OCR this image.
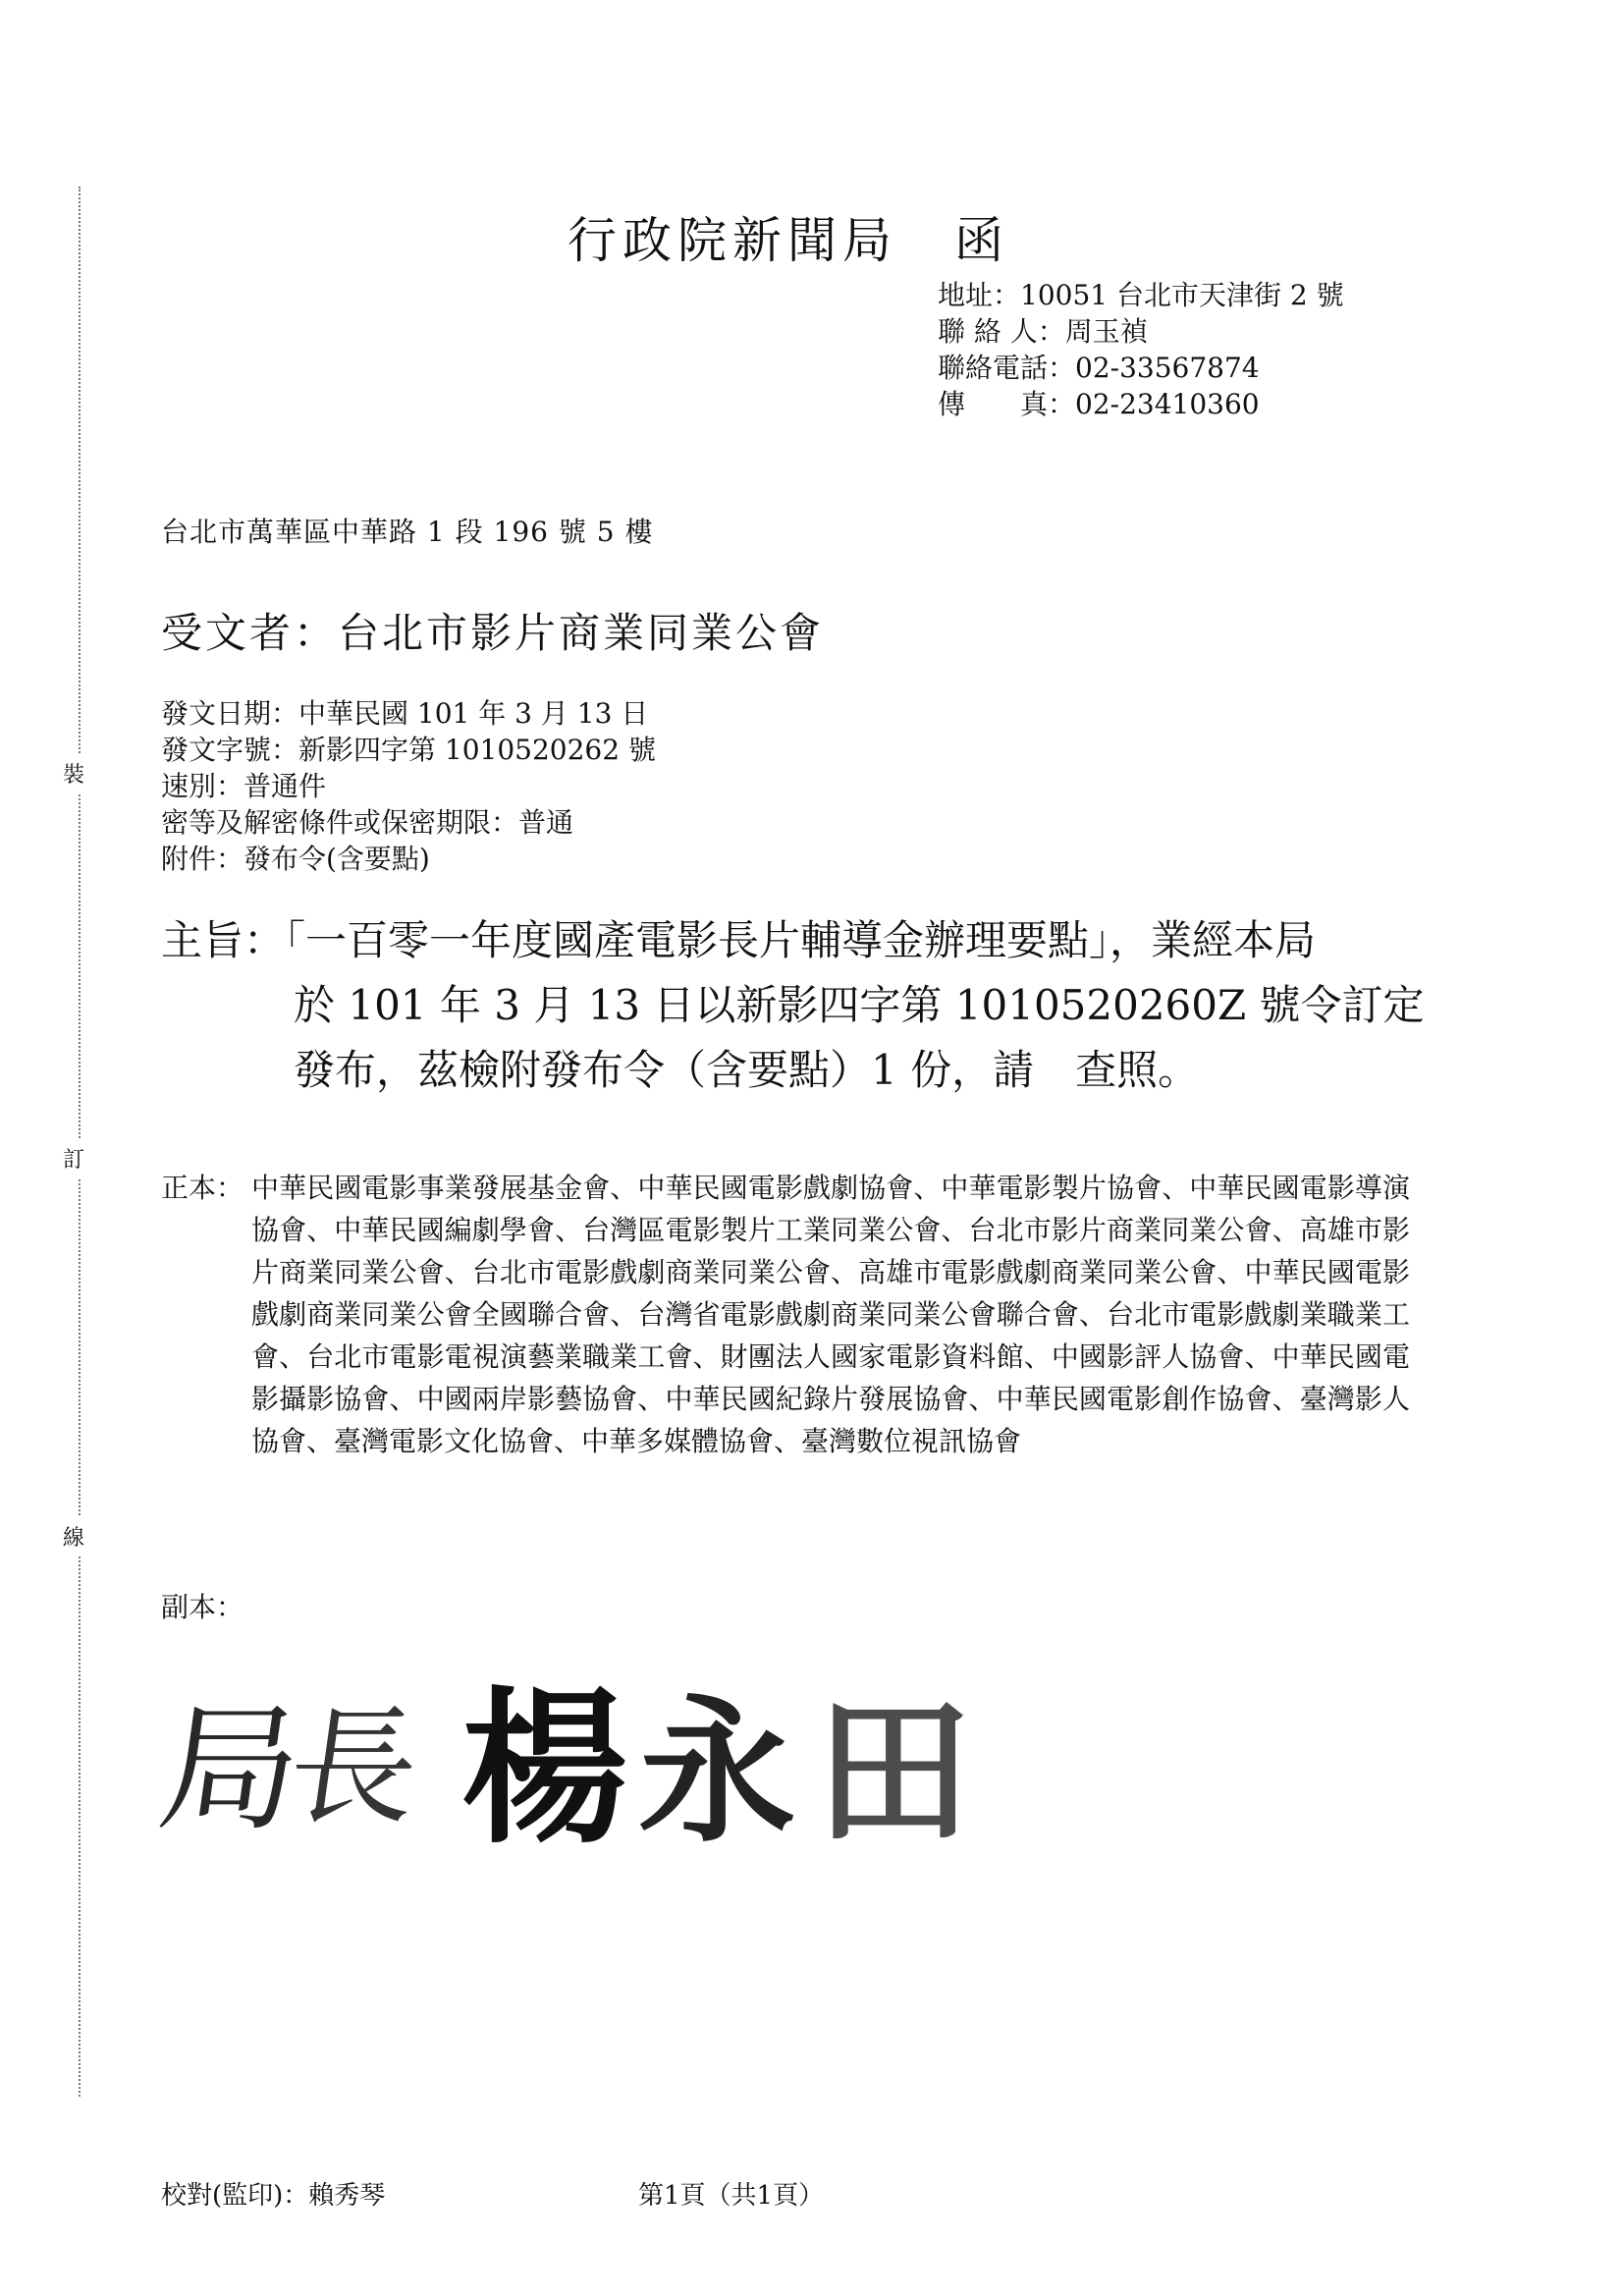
裝
訂
線
行政院新聞局 函
地址：10051 台北市天津街 2 號
聯 絡 人：周玉禎
聯絡電話：02-33567874
傳　　真：02-23410360
台北市萬華區中華路 1 段 196 號 5 樓
受文者：台北市影片商業同業公會
發文日期：中華民國 101 年 3 月 13 日
發文字號：新影四字第 1010520262 號
速別：普通件
密等及解密條件或保密期限：普通
附件：發布令(含要點)
主旨：「一百零一年度國產電影長片輔導金辦理要點」，業經本局
於 101 年 3 月 13 日以新影四字第 1010520260Z 號令訂定
發布，茲檢附發布令（含要點）1 份，請　查照。
正本： 中華民國電影事業發展基金會、中華民國電影戲劇協會、中華電影製片協會、中華民國電影導演協會、中華民國編劇學會、台灣區電影製片工業同業公會、台北市影片商業同業公會、高雄市影片商業同業公會、台北市電影戲劇商業同業公會、高雄市電影戲劇商業同業公會、中華民國電影戲劇商業同業公會全國聯合會、台灣省電影戲劇商業同業公會聯合會、台北市電影戲劇業職業工會、台北市電影電視演藝業職業工會、財團法人國家電影資料館、中國影評人協會、中華民國電影攝影協會、中國兩岸影藝協會、中華民國紀錄片發展協會、中華民國電影創作協會、臺灣影人協會、臺灣電影文化協會、中華多媒體協會、臺灣數位視訊協會
副本：
局
長 楊 永 田
校對(監印)：賴秀琴	第1頁（共1頁）
